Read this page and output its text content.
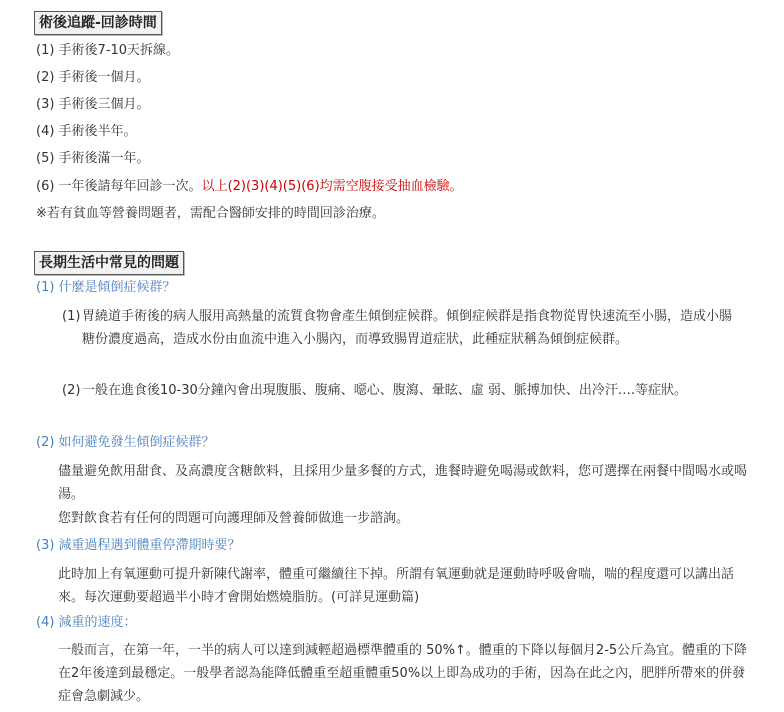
術後追蹤-回診時間
(1) 手術後7-10天拆線。
(2) 手術後一個月。
(3) 手術後三個月。
(4) 手術後半年。
(5) 手術後滿一年。
(6) 一年後請每年回診一次。以上(2)(3)(4)(5)(6)均需空腹接受抽血檢驗。
※若有貧血等營養問題者，需配合醫師安排的時間回診治療。
長期生活中常見的問題
(1) 什麼是傾倒症候群？
(1) 胃繞道手術後的病人服用高熱量的流質食物會產生傾倒症候群。傾倒症候群是指食物從胃快速流至小腸，造成小腸糖份濃度過高，造成水份由血流中進入小腸內，而導致腸胃道症狀，此種症狀稱為傾倒症候群。
(2) 一般在進食後10-30分鐘內會出現腹脹、腹痛、噁心、腹瀉、暈眩、虛 弱、脈搏加快、出冷汗….等症狀。
(2) 如何避免發生傾倒症候群？
儘量避免飲用甜食、及高濃度含糖飲料，且採用少量多餐的方式，進餐時避免喝湯或飲料，您可選擇在兩餐中間喝水或喝湯。
您對飲食若有任何的問題可向護理師及營養師做進一步諮詢。
(3) 減重過程遇到體重停滯期時要？
此時加上有氧運動可提升新陳代謝率，體重可繼續往下掉。所謂有氧運動就是運動時呼吸會喘，喘的程度還可以講出話來。每次運動要超過半小時才會開始燃燒脂肪。(可詳見運動篇)
(4) 減重的速度：
一般而言，在第一年，一半的病人可以達到減輕超過標準體重的 50%↑。體重的下降以每個月2-5公斤為宜。體重的下降在2年後達到最穩定。一般學者認為能降低體重至超重體重50%以上即為成功的手術，因為在此之內，肥胖所帶來的併發症會急劇減少。
